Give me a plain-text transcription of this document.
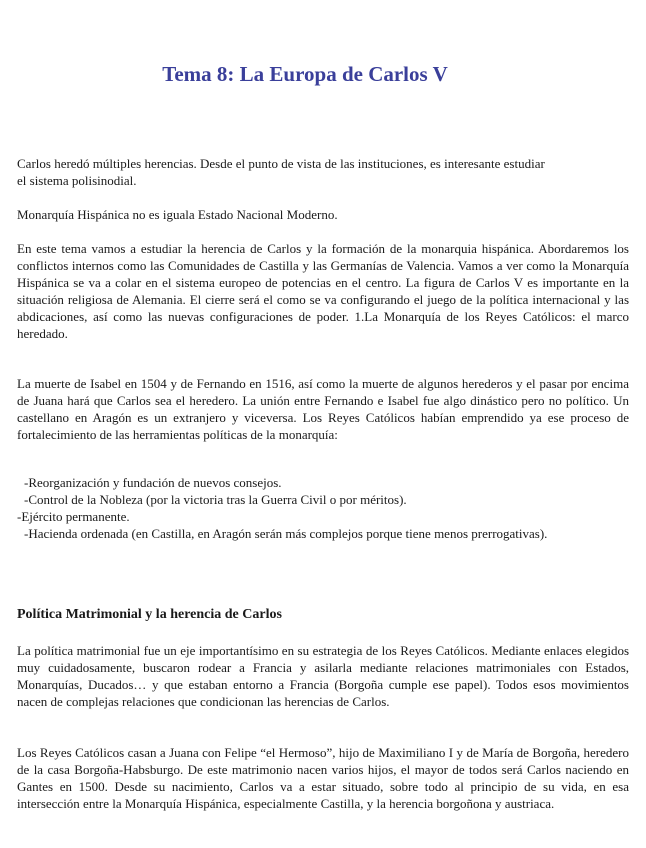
Tema 8: La Europa de Carlos V

Carlos heredó múltiples herencias. Desde el punto de vista de las instituciones, es interesante estudiar el sistema polisinodial.

Monarquía Hispánica no es iguala Estado Nacional Moderno.

En este tema vamos a estudiar la herencia de Carlos y la formación de la monarquia hispánica. Abordaremos los conflictos internos como las Comunidades de Castilla y las Germanías de Valencia. Vamos a ver como la Monarquía Hispánica se va a colar en el sistema europeo de potencias en el centro. La figura de Carlos V es importante en la situación religiosa de Alemania. El cierre será el como se va configurando el juego de la política internacional y las abdicaciones, así como las nuevas configuraciones de poder. 1.La Monarquía de los Reyes Católicos: el marco heredado.

La muerte de Isabel en 1504 y de Fernando en 1516, así como la muerte de algunos herederos y el pasar por encima de Juana hará que Carlos sea el heredero. La unión entre Fernando e Isabel fue algo dinástico pero no político. Un castellano en Aragón es un extranjero y viceversa. Los Reyes Católicos habían emprendido ya ese proceso de fortalecimiento de las herramientas políticas de la monarquía:

-Reorganización y fundación de nuevos consejos.
-Control de la Nobleza (por la victoria tras la Guerra Civil o por méritos).
-Ejército permanente.
-Hacienda ordenada (en Castilla, en Aragón serán más complejos porque tiene menos prerrogativas).
Política Matrimonial y la herencia de Carlos

La política matrimonial fue un eje importantísimo en su estrategia de los Reyes Católicos. Mediante enlaces elegidos muy cuidadosamente, buscaron rodear a Francia y asilarla mediante relaciones matrimoniales con Estados, Monarquías, Ducados… y que estaban entorno a Francia (Borgoña cumple ese papel). Todos esos movimientos nacen de complejas relaciones que condicionan las herencias de Carlos.

Los Reyes Católicos casan a Juana con Felipe “el Hermoso”, hijo de Maximiliano I y de María de Borgoña, heredero de la casa Borgoña-Habsburgo. De este matrimonio nacen varios hijos, el mayor de todos será Carlos naciendo en Gantes en 1500. Desde su nacimiento, Carlos va a estar situado, sobre todo al principio de su vida, en esa intersección entre la Monarquía Hispánica, especialmente Castilla, y la herencia borgoñona y austriaca.
